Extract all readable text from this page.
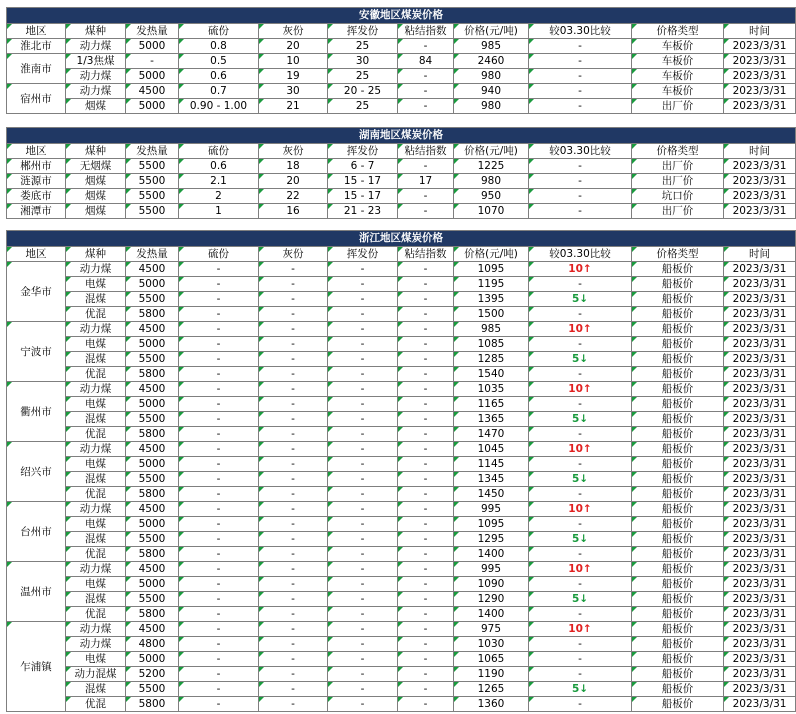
安徽地区煤炭价格										
地区	煤种	发热量	硫份	灰份	挥发份	粘结指数	价格(元/吨)	较03.30比较	价格类型	时间
淮北市	动力煤	5000	0.8	20	25	-	985	-	车板价	2023/3/31
淮南市	1/3焦煤	-	0.5	10	30	84	2460	-	车板价	2023/3/31
	动力煤	5000	0.6	19	25	-	980	-	车板价	2023/3/31
宿州市	动力煤	4500	0.7	30	20 - 25	-	940	-	车板价	2023/3/31
	烟煤	5000	0.90 - 1.00	21	25	-	980	-	出厂价	2023/3/31
湖南地区煤炭价格										
地区	煤种	发热量	硫份	灰份	挥发份	粘结指数	价格(元/吨)	较03.30比较	价格类型	时间
郴州市	无烟煤	5500	0.6	18	6 - 7	-	1225	-	出厂价	2023/3/31
涟源市	烟煤	5500	2.1	20	15 - 17	17	980	-	出厂价	2023/3/31
娄底市	烟煤	5500	2	22	15 - 17	-	950	-	坑口价	2023/3/31
湘潭市	烟煤	5500	1	16	21 - 23	-	1070	-	出厂价	2023/3/31
浙江地区煤炭价格										
地区	煤种	发热量	硫份	灰份	挥发份	粘结指数	价格(元/吨)	较03.30比较	价格类型	时间
金华市	动力煤	4500	-	-	-	-	1095	10↑	船板价	2023/3/31
	电煤	5000	-	-	-	-	1195	-	船板价	2023/3/31
	混煤	5500	-	-	-	-	1395	5↓	船板价	2023/3/31
	优混	5800	-	-	-	-	1500	-	船板价	2023/3/31
宁波市	动力煤	4500	-	-	-	-	985	10↑	船板价	2023/3/31
	电煤	5000	-	-	-	-	1085	-	船板价	2023/3/31
	混煤	5500	-	-	-	-	1285	5↓	船板价	2023/3/31
	优混	5800	-	-	-	-	1540	-	船板价	2023/3/31
衢州市	动力煤	4500	-	-	-	-	1035	10↑	船板价	2023/3/31
	电煤	5000	-	-	-	-	1165	-	船板价	2023/3/31
	混煤	5500	-	-	-	-	1365	5↓	船板价	2023/3/31
	优混	5800	-	-	-	-	1470	-	船板价	2023/3/31
绍兴市	动力煤	4500	-	-	-	-	1045	10↑	船板价	2023/3/31
	电煤	5000	-	-	-	-	1145	-	船板价	2023/3/31
	混煤	5500	-	-	-	-	1345	5↓	船板价	2023/3/31
	优混	5800	-	-	-	-	1450	-	船板价	2023/3/31
台州市	动力煤	4500	-	-	-	-	995	10↑	船板价	2023/3/31
	电煤	5000	-	-	-	-	1095	-	船板价	2023/3/31
	混煤	5500	-	-	-	-	1295	5↓	船板价	2023/3/31
	优混	5800	-	-	-	-	1400	-	船板价	2023/3/31
温州市	动力煤	4500	-	-	-	-	995	10↑	船板价	2023/3/31
	电煤	5000	-	-	-	-	1090	-	船板价	2023/3/31
	混煤	5500	-	-	-	-	1290	5↓	船板价	2023/3/31
	优混	5800	-	-	-	-	1400	-	船板价	2023/3/31
乍浦镇	动力煤	4500	-	-	-	-	975	10↑	船板价	2023/3/31
	动力煤	4800	-	-	-	-	1030	-	船板价	2023/3/31
	电煤	5000	-	-	-	-	1065	-	船板价	2023/3/31
	动力混煤	5200	-	-	-	-	1190	-	船板价	2023/3/31
	混煤	5500	-	-	-	-	1265	5↓	船板价	2023/3/31
	优混	5800	-	-	-	-	1360	-	船板价	2023/3/31
